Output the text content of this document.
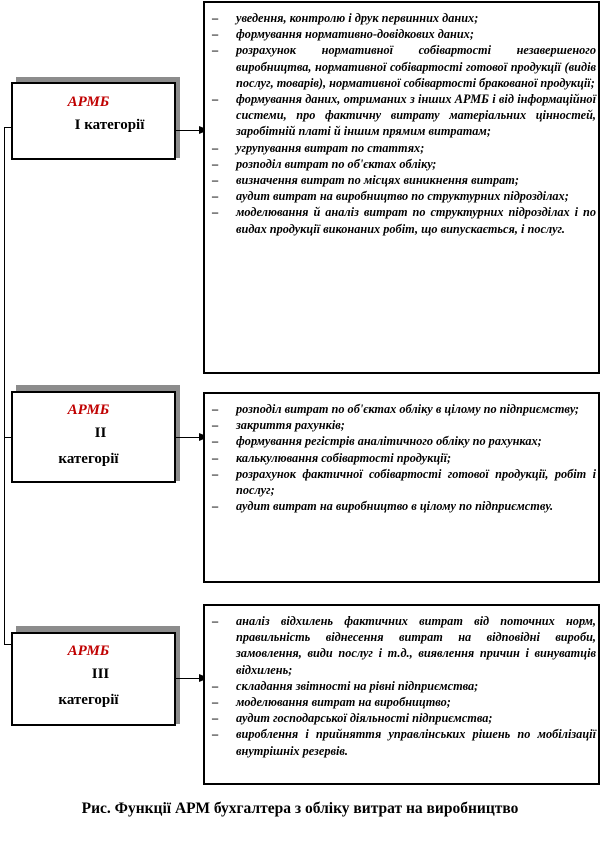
АРМБ
І категорії
– уведення, контролю і друк первинних даних;
– формування нормативно-довідкових даних;
– розрахунок нормативної собівартості незавершеного виробництва, нормативної собівартості готової продукції (видів послуг, товарів), нормативної собівартості бракованої продукції;
– формування даних, отриманих з інших АРМБ і від інформаційної системи, про фактичну витрату матеріальних цінностей, заробітній платі й іншим прямим витратам;
– угрупування витрат по статтях;
– розподіл витрат по об'єктах обліку;
– визначення витрат по місцях виникнення витрат;
– аудит витрат на виробництво по структурних підрозділах;
– моделювання й аналіз витрат по структурних підрозділах і по видах продукції виконаних робіт, що випускається, і послуг.
АРМБ
ІІ
категорії
– розподіл витрат по об'єктах обліку в цілому по підприємству;
– закриття рахунків;
– формування регістрів аналітичного обліку по рахунках;
– калькулювання собівартості продукції;
– розрахунок фактичної собівартості готової продукції, робіт і послуг;
– аудит витрат на виробництво в цілому по підприємству.
АРМБ
ІІІ
категорії
– аналіз відхилень фактичних витрат від поточних норм, правильність віднесення витрат на відповідні вироби, замовлення, види послуг і т.д., виявлення причин і винуватців відхилень;
– складання звітності на рівні підприємства;
– моделювання витрат на виробництво;
– аудит господарської діяльності підприємства;
– вироблення і прийняття управлінських рішень по мобілізації внутрішніх резервів.
Рис. Функції АРМ бухгалтера з обліку витрат на виробництво
